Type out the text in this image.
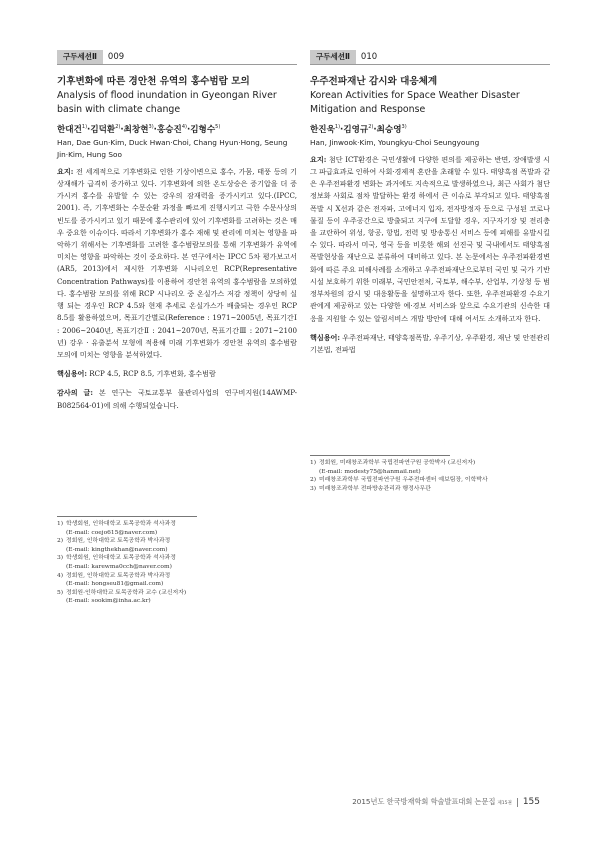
구두세션Ⅱ	009

기후변화에 따른 경안천 유역의 홍수범람 모의

Analysis of flood inundation in Gyeongan River basin with climate change

한대건$^{1)}$·김덕환$^{2)}$·최창현$^{3)}$·홍승진$^{4)}$·김형수$^{5)}$
Han, Dae Gun·Kim, Duck Hwan·Choi, Chang Hyun·Hong, Seung Jin·Kim, Hung Soo

요지: 전 세계적으로 기후변화로 인한 기상이변으로 홍수, 가뭄, 태풍 등의 기상재해가 급격히 증가하고 있다. 기후변화에 의한 온도상승은 증기압을 더 증가시켜 홍수를 유발할 수 있는 강우의 잠재력을 증가시키고 있다.(IPCC, 2001). 즉, 기후변화는 수문순환 과정을 빠르게 진행시키고 극한 수문사상의 빈도를 증가시키고 있기 때문에 홍수관리에 있어 기후변화를 고려하는 것은 매우 중요한 이슈이다. 따라서 기후변화가 홍수 재해 및 관리에 미치는 영향을 파악하기 위해서는 기후변화를 고려한 홍수범람모의를 통해 기후변화가 유역에 미치는 영향을 파악하는 것이 중요하다. 본 연구에서는 IPCC 5차 평가보고서(AR5, 2013)에서 제시한 기후변화 시나리오인 RCP(Representative Concentration Pathways)를 이용하여 경안천 유역의 홍수범람을 모의하였다. 홍수범람 모의를 위해 RCP 시나리오 중 온실가스 저감 정책이 상당히 실행 되는 경우인 RCP 4.5와 현재 추세로 온실가스가 배출되는 경우인 RCP 8.5를 활용하였으며, 목표기간별로(Reference : 1971~2005년, 목표기간Ⅰ : 2006~2040년, 목표기간Ⅱ : 2041~2070년, 목표기간Ⅲ : 2071~2100년) 강우 · 유출분석 모형에 적용해 미래 기후변화가 경안천 유역의 홍수범람 모의에 미치는 영향을 분석하였다.

핵심용어: RCP 4.5, RCP 8.5, 기후변화, 홍수범람

감사의 글: 본 연구는 국토교통부 물관리사업의 연구비지원(14AWMP-B082564-01)에 의해 수행되었습니다.

1) 학생회원, 인하대학교 토목공학과 석사과정
(E-mail: coejo615@naver.com)
2) 정회원, 인하대학교 토목공학과 박사과정
(E-mail: kingthekhan@naver.com)
3) 학생회원, 인하대학교 토목공학과 석사과정
(E-mail: karewma0cch@naver.com)
4) 정회원, 인하대학교 토목공학과 박사과정
(E-mail: hongseu81@gmail.com)
5) 정회원·인하대학교 토목공학과 교수 (교신저자)
(E-mail: sookim@inha.ac.kr)
구두세션Ⅱ	010

우주전파재난 감시와 대응체계

Korean Activities for Space Weather Disaster Mitigation and Response

한진욱$^{1)}$·김영규$^{2)}$·최승영$^{3)}$
Han, Jinwook·Kim, Youngkyu·Choi Seungyoung

요지: 첨단 ICT환경은 국민생활에 다양한 편의를 제공하는 반면, 장애발생 시 그 파급효과로 인하여 사회·경제적 혼란을 초래할 수 있다. 태양흑점 폭발과 같은 우주전파환경 변화는 과거에도 지속적으로 발생하였으나, 최근 사회가 첨단 정보화 사회로 점차 발달하는 환경 하에서 큰 이슈로 부각되고 있다. 태양흑점 폭발 시 X선과 같은 전자파, 고에너지 입자, 전자방정자 등으로 구성된 코로나물질 등이 우주공간으로 방출되고 지구에 도달할 경우, 지구자기장 및 전리층을 교란하여 위성, 항공, 항법, 전력 및 방송통신 서비스 등에 피해를 유발시킬 수 있다. 따라서 미국, 영국 등을 비롯한 해외 선진국 및 국내에서도 태양흑점 폭발현상을 재난으로 분류하여 대비하고 있다. 본 논문에서는 우주전파환경변화에 따른 주요 피해사례를 소개하고 우주전파재난으로부터 국민 및 국가 기반시설 보호하기 위한 미래부, 국민안전처, 국토부, 해수부, 산업부, 기상청 등 범 정부차원의 감시 및 대응활동을 설명하고자 한다. 또한, 우주전파환경 수요기관에게 제공하고 있는 다양한 예·경보 서비스와 앞으로 수요기관의 신속한 대응을 지원할 수 있는 알림서비스 개발 방안에 대해 여서도 소개하고자 한다.

핵심용어: 우주전파재난, 태양흑점폭발, 우주기상, 우주환경, 재난 및 안전관리 기본법, 전파법

1) 정회원, 미래창조과학부 국립전파연구원 공학박사 (교신저자)
(E-mail: modesty75@hanmail.net)
2) 미래창조과학부 국립전파연구원 우주전파센터 예보팀장, 이학박사
3) 미래창조과학부 전파방송관리과 행정사무관
2015년도 한국방재학회 학술발표대회 논문집 제15권 155
